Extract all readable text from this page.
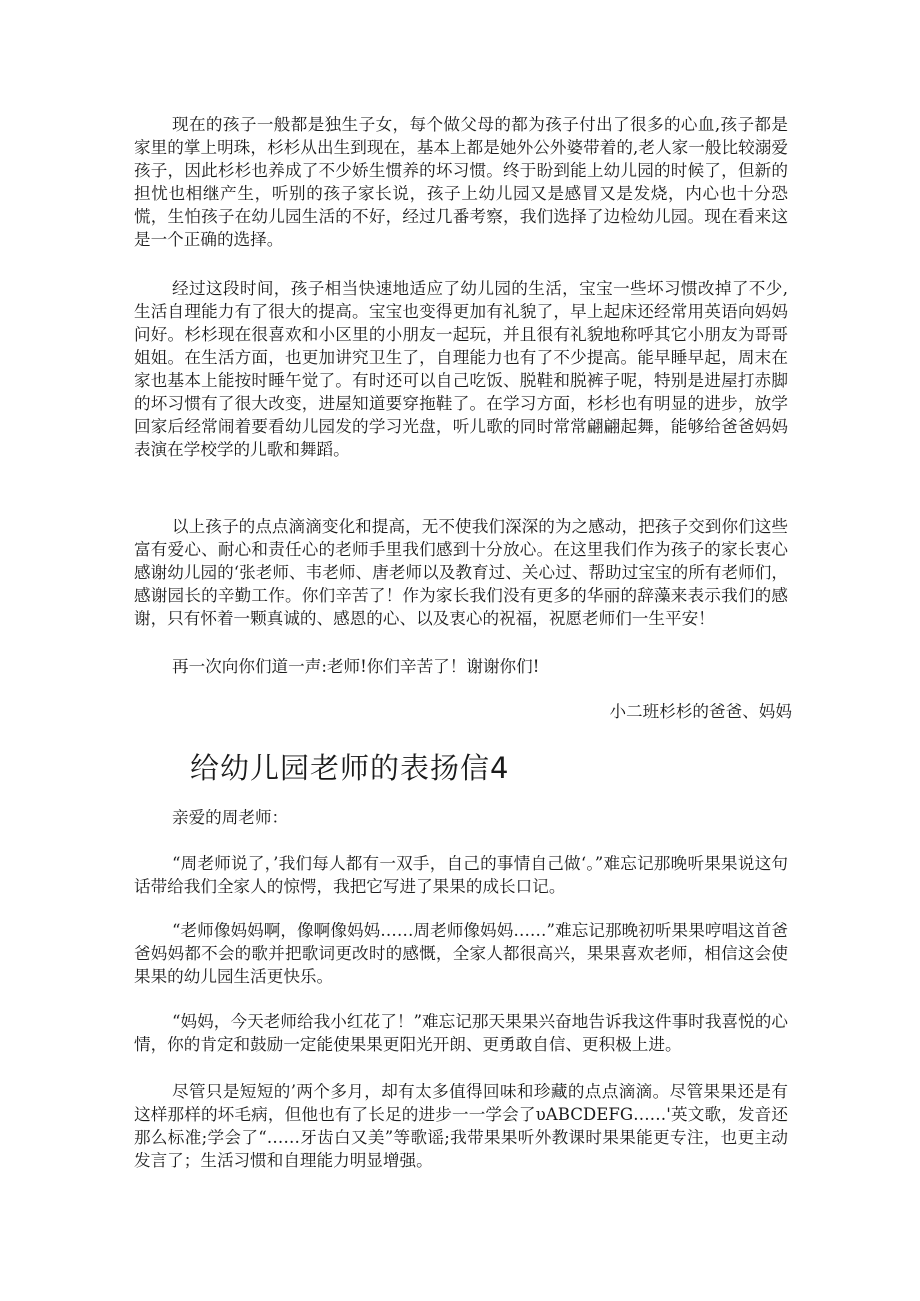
现在的孩子一般都是独生子女，每个做父母的都为孩子付出了很多的心血,孩子都是家里的掌上明珠，杉杉从出生到现在，基本上都是她外公外婆带着的,老人家一般比较溺爱孩子，因此杉杉也养成了不少娇生惯养的坏习惯。终于盼到能上幼儿园的时候了，但新的担忧也相继产生，听别的孩子家长说，孩子上幼儿园又是感冒又是发烧，内心也十分恐慌，生怕孩子在幼儿园生活的不好，经过几番考察，我们选择了边检幼儿园。现在看来这是一个正确的选择。

经过这段时间，孩子相当快速地适应了幼儿园的生活，宝宝一些坏习惯改掉了不少,生活自理能力有了很大的提高。宝宝也变得更加有礼貌了，早上起床还经常用英语向妈妈问好。杉杉现在很喜欢和小区里的小朋友一起玩，并且很有礼貌地称呼其它小朋友为哥哥姐姐。在生活方面，也更加讲究卫生了，自理能力也有了不少提高。能早睡早起，周末在家也基本上能按时睡午觉了。有时还可以自己吃饭、脱鞋和脱裤子呢，特别是进屋打赤脚的坏习惯有了很大改变，进屋知道要穿拖鞋了。在学习方面，杉杉也有明显的进步，放学回家后经常闹着要看幼儿园发的学习光盘，听儿歌的同时常常翩翩起舞，能够给爸爸妈妈表演在学校学的儿歌和舞蹈。

以上孩子的点点滴滴变化和提高，无不使我们深深的为之感动，把孩子交到你们这些富有爱心、耐心和责任心的老师手里我们感到十分放心。在这里我们作为孩子的家长衷心感谢幼儿园的‘张老师、韦老师、唐老师以及教育过、关心过、帮助过宝宝的所有老师们，感谢园长的辛勤工作。你们辛苦了！作为家长我们没有更多的华丽的辞藻来表示我们的感谢，只有怀着一颗真诚的、感恩的心、以及衷心的祝福，祝愿老师们一生平安！

再一次向你们道一声:老师!你们辛苦了！谢谢你们!

小二班杉杉的爸爸、妈妈

给幼儿园老师的表扬信4

亲爱的周老师：

“周老师说了，’我们每人都有一双手，自己的事情自己做‘。”难忘记那晚听果果说这句话带给我们全家人的惊愕，我把它写进了果果的成长口记。

“老师像妈妈啊，像啊像妈妈……周老师像妈妈……”难忘记那晚初听果果哼唱这首爸爸妈妈都不会的歌并把歌词更改时的感慨，全家人都很高兴，果果喜欢老师，相信这会使果果的幼儿园生活更快乐。

“妈妈，今天老师给我小红花了！”难忘记那天果果兴奋地告诉我这件事时我喜悦的心情，你的肯定和鼓励一定能使果果更阳光开朗、更勇敢自信、更积极上进。

尽管只是短短的’两个多月，却有太多值得回味和珍藏的点点滴滴。尽管果果还是有这样那样的坏毛病，但他也有了长足的进步一一学会了υABCDEFG……'英文歌，发音还那么标准;学会了“……牙齿白又美”等歌谣;我带果果听外教课时果果能更专注，也更主动发言了；生活习惯和自理能力明显增强。
